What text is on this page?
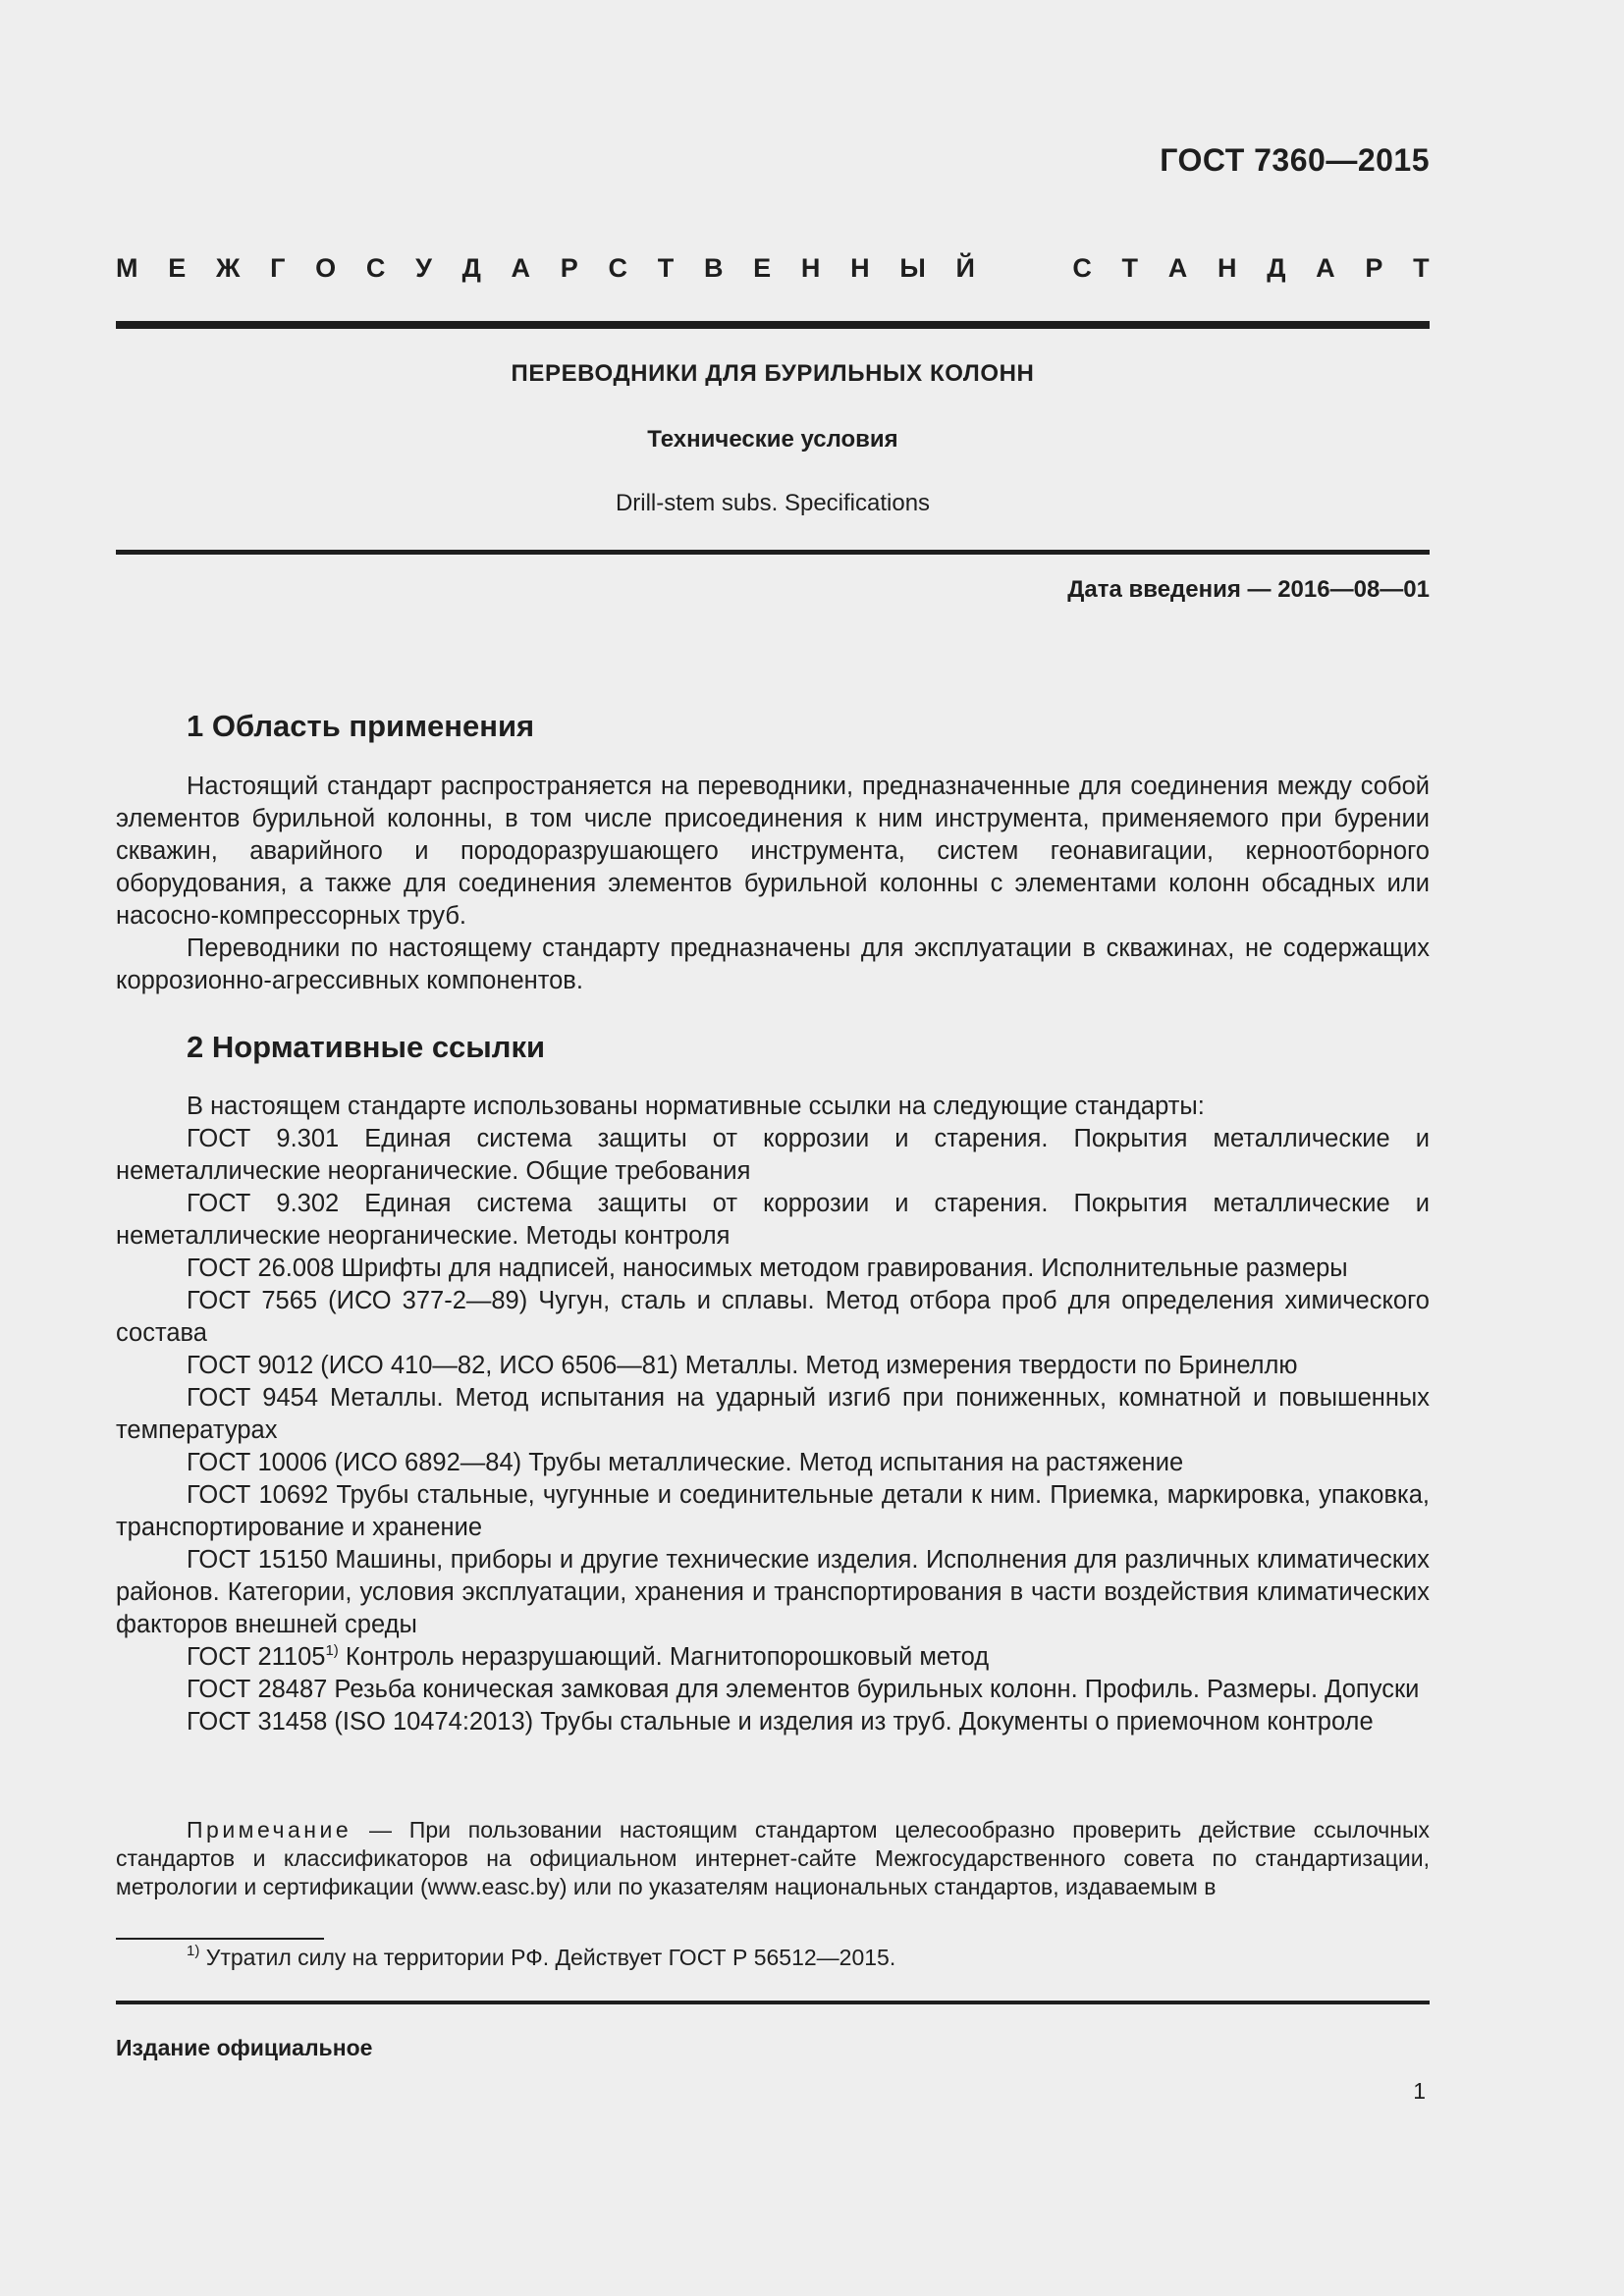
ГОСТ 7360—2015
М Е Ж Г О С У Д А Р С Т В Е Н Н Ы Й	С Т А Н Д А Р Т
ПЕРЕВОДНИКИ ДЛЯ БУРИЛЬНЫХ КОЛОНН
Технические условия
Drill-stem subs. Specifications
Дата введения — 2016—08—01
1 Область применения

Настоящий стандарт распространяется на переводники, предназначенные для соединения между собой элементов бурильной колонны, в том числе присоединения к ним инструмента, применяемого при бурении скважин, аварийного и породоразрушающего инструмента, систем геонавигации, керноотборного оборудования, а также для соединения элементов бурильной колонны с элементами колонн обсадных или насосно-компрессорных труб.

Переводники по настоящему стандарту предназначены для эксплуатации в скважинах, не содержащих коррозионно-агрессивных компонентов.

2 Нормативные ссылки

В настоящем стандарте использованы нормативные ссылки на следующие стандарты:

ГОСТ 9.301 Единая система защиты от коррозии и старения. Покрытия металлические и неметаллические неорганические. Общие требования

ГОСТ 9.302 Единая система защиты от коррозии и старения. Покрытия металлические и неметаллические неорганические. Методы контроля

ГОСТ 26.008 Шрифты для надписей, наносимых методом гравирования. Исполнительные размеры

ГОСТ 7565 (ИСО 377-2—89) Чугун, сталь и сплавы. Метод отбора проб для определения химического состава

ГОСТ 9012 (ИСО 410—82, ИСО 6506—81) Металлы. Метод измерения твердости по Бринеллю

ГОСТ 9454 Металлы. Метод испытания на ударный изгиб при пониженных, комнатной и повышенных температурах

ГОСТ 10006 (ИСО 6892—84) Трубы металлические. Метод испытания на растяжение

ГОСТ 10692 Трубы стальные, чугунные и соединительные детали к ним. Приемка, маркировка, упаковка, транспортирование и хранение

ГОСТ 15150 Машины, приборы и другие технические изделия. Исполнения для различных климатических районов. Категории, условия эксплуатации, хранения и транспортирования в части воздействия климатических факторов внешней среды

ГОСТ 21105$^{1)}$ Контроль неразрушающий. Магнитопорошковый метод

ГОСТ 28487 Резьба коническая замковая для элементов бурильных колонн. Профиль. Размеры. Допуски

ГОСТ 31458 (ISO 10474:2013) Трубы стальные и изделия из труб. Документы о приемочном контроле

Примечание — При пользовании настоящим стандартом целесообразно проверить действие ссылочных стандартов и классификаторов на официальном интернет-сайте Межгосударственного совета по стандартизации, метрологии и сертификации (www.easc.by) или по указателям национальных стандартов, издаваемым в

$^{1)}$ Утратил силу на территории РФ. Действует ГОСТ Р 56512—2015.
Издание официальное
1
